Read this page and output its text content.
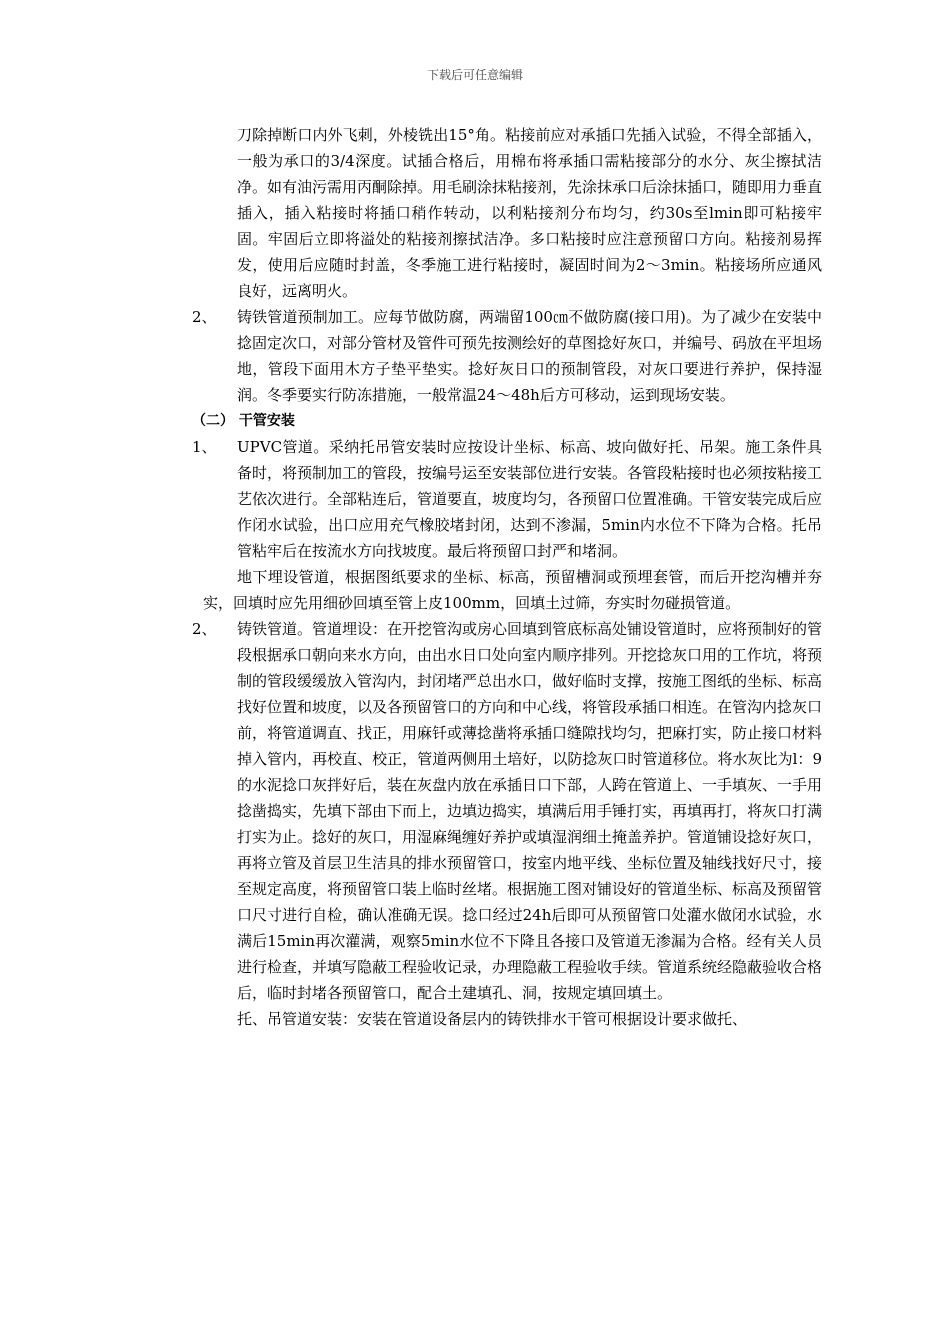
下载后可任意编辑

刀除掉断口内外飞刺，外棱铣出15°角。粘接前应对承插口先插入试验，不得全部插入，一般为承口的3/4深度。试插合格后，用棉布将承插口需粘接部分的水分、灰尘擦拭洁净。如有油污需用丙酮除掉。用毛刷涂抹粘接剂，先涂抹承口后涂抹插口，随即用力垂直插入，插入粘接时将插口稍作转动，以利粘接剂分布均匀，约30s至lmin即可粘接牢固。牢固后立即将溢处的粘接剂擦拭洁净。多口粘接时应注意预留口方向。粘接剂易挥发，使用后应随时封盖，冬季施工进行粘接时，凝固时间为2～3min。粘接场所应通风良好，远离明火。

2、	铸铁管道预制加工。应每节做防腐，两端留100㎝不做防腐(接口用)。为了减少在安装中捻固定次口，对部分管材及管件可预先按测绘好的草图捻好灰口，并编号、码放在平坦场地，管段下面用木方子垫平垫实。捻好灰日口的预制管段，对灰口要进行养护，保持湿润。冬季要实行防冻措施，一般常温24～48h后方可移动，运到现场安装。

（二） 干管安装

1、	UPVC管道。采纳托吊管安装时应按设计坐标、标高、坡向做好托、吊架。施工条件具备时，将预制加工的管段，按编号运至安装部位进行安装。各管段粘接时也必须按粘接工艺依次进行。全部粘连后，管道要直，坡度均匀，各预留口位置准确。干管安装完成后应作闭水试验，出口应用充气橡胶堵封闭，达到不渗漏，5min内水位不下降为合格。托吊管粘牢后在按流水方向找坡度。最后将预留口封严和堵洞。

地下埋设管道，根据图纸要求的坐标、标高，预留槽洞或预埋套管，而后开挖沟槽并夯实，回填时应先用细砂回填至管上皮100mm，回填土过筛，夯实时勿碰损管道。

2、	铸铁管道。管道埋设：在开挖管沟或房心回填到管底标高处铺设管道时，应将预制好的管段根据承口朝向来水方向，由出水日口处向室内顺序排列。开挖捻灰口用的工作坑，将预制的管段缓缓放入管沟内，封闭堵严总出水口，做好临时支撑，按施工图纸的坐标、标高找好位置和坡度，以及各预留管口的方向和中心线，将管段承插口相连。在管沟内捻灰口前，将管道调直、找正，用麻钎或薄捻凿将承插口缝隙找均匀，把麻打实，防止接口材料掉入管内，再校直、校正，管道两侧用土培好，以防捻灰口时管道移位。将水灰比为l：9的水泥捻口灰拌好后，装在灰盘内放在承插日口下部，人跨在管道上、一手填灰、一手用捻凿捣实，先填下部由下而上，边填边捣实，填满后用手锤打实，再填再打，将灰口打满打实为止。捻好的灰口，用湿麻绳缠好养护或填湿润细土掩盖养护。管道铺设捻好灰口，再将立管及首层卫生洁具的排水预留管口，按室内地平线、坐标位置及轴线找好尺寸，接至规定高度，将预留管口装上临时丝堵。根据施工图对铺设好的管道坐标、标高及预留管口尺寸进行自检，确认准确无误。捻口经过24h后即可从预留管口处灌水做闭水试验，水满后15min再次灌满，观察5min水位不下降且各接口及管道无渗漏为合格。经有关人员进行检查，并填写隐蔽工程验收记录，办理隐蔽工程验收手续。管道系统经隐蔽验收合格后，临时封堵各预留管口，配合土建填孔、洞，按规定填回填土。

托、吊管道安装：安装在管道设备层内的铸铁排水干管可根据设计要求做托、
